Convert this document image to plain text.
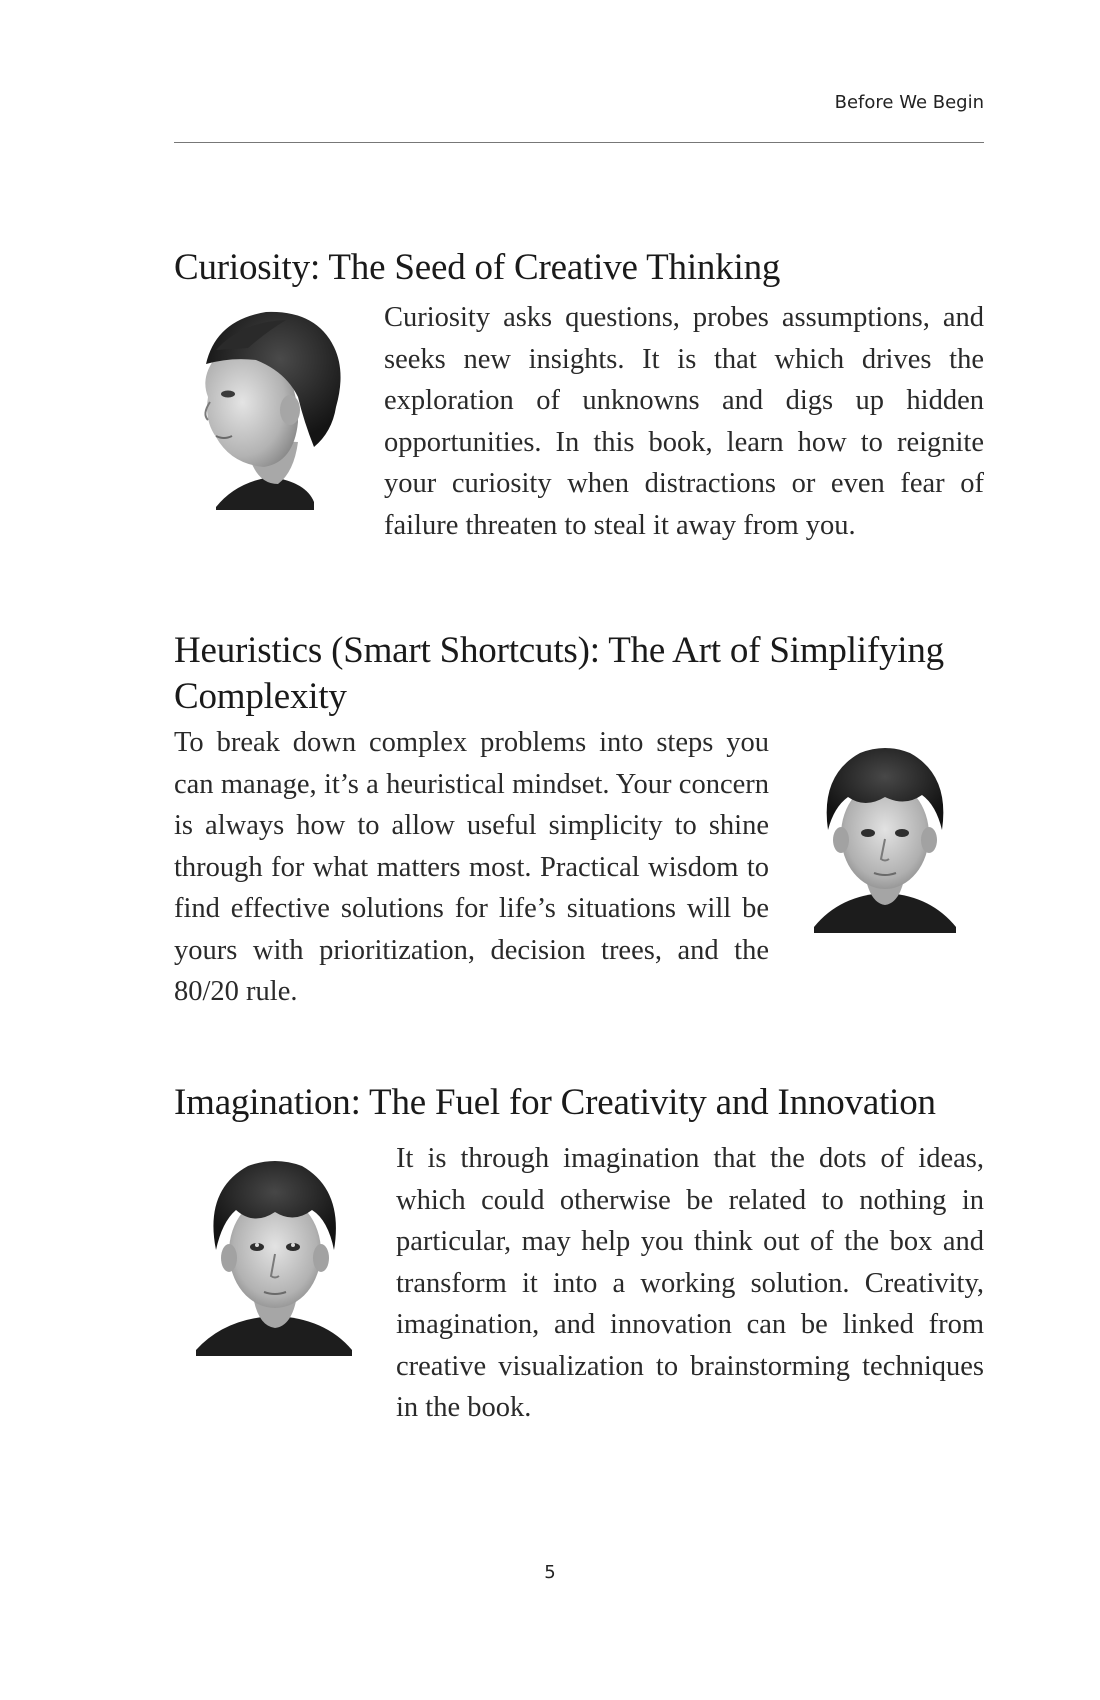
Before We Begin
Curiosity: The Seed of Creative Thinking

Curiosity asks questions, probes assumptions, and seeks new insights. It is that which drives the exploration of unknowns and digs up hidden opportunities. In this book, learn how to reignite your curiosity when distractions or even fear of failure threaten to steal it away from you.

Heuristics (Smart Shortcuts): The Art of Simplifying Complexity

To break down complex problems into steps you can manage, it’s a heuristical mindset. Your concern is always how to allow useful simplicity to shine through for what matters most. Practical wisdom to find effective solutions for life’s situations will be yours with prioritization, decision trees, and the 80/20 rule.

Imagination: The Fuel for Creativity and Innovation

It is through imagination that the dots of ideas, which could otherwise be related to nothing in particular, may help you think out of the box and transform it into a working solution. Creativity, imagination, and innovation can be linked from creative visualization to brainstorming techniques in the book.

5
